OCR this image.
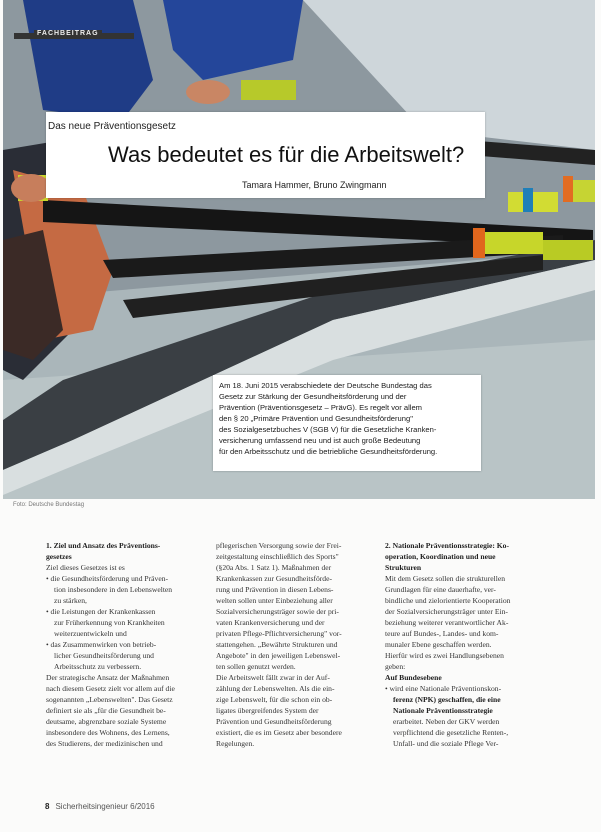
FACHBEITRAG
Das neue Präventionsgesetz
Was bedeutet es für die Arbeitswelt?
Tamara Hammer, Bruno Zwingmann
Am 18. Juni 2015 verabschiedete der Deutsche Bundestag das
Gesetz zur Stärkung der Gesundheitsförderung und der
Prävention (Präventionsgesetz – PrävG). Es regelt vor allem
den § 20 „Primäre Prävention und Gesundheitsförderung"
des Sozialgesetzbuches V (SGB V) für die Gesetzliche Kranken-
versicherung umfassend neu und ist auch große Bedeutung
für den Arbeitsschutz und die betriebliche Gesundheitsförderung.
Foto: Deutsche Bundestag
1. Ziel und Ansatz des Präventions-
gesetzes
Ziel dieses Gesetzes ist es
• die Gesundheitsförderung und Präven-
tion insbesondere in den Lebenswelten
zu stärken,
• die Leistungen der Krankenkassen
zur Früherkennung von Krankheiten
weiterzuentwickeln und
• das Zusammenwirken von betrieb-
licher Gesundheitsförderung und
Arbeitsschutz zu verbessern.
Der strategische Ansatz der Maßnahmen
nach diesem Gesetz zielt vor allem auf die
sogenannten „Lebenswelten". Das Gesetz
definiert sie als „für die Gesundheit be-
deutsame, abgrenzbare soziale Systeme
insbesondere des Wohnens, des Lernens,
des Studierens, der medizinischen und
pflegerischen Versorgung sowie der Frei-
zeitgestaltung einschließlich des Sports"
(§20a Abs. 1 Satz 1). Maßnahmen der
Krankenkassen zur Gesundheitsförde-
rung und Prävention in diesen Lebens-
welten sollen unter Einbeziehung aller
Sozialversicherungsträger sowie der pri-
vaten Krankenversicherung und der
privaten Pflege-Pflichtversicherung" vor-
stattengehen. „Bewährte Strukturen und
Angebote" in den jeweiligen Lebenswel-
ten sollen genutzt werden.
Die Arbeitswelt fällt zwar in der Auf-
zählung der Lebenswelten. Als die ein-
zige Lebenswelt, für die schon ein ob-
ligates übergreifendes System der
Prävention und Gesundheitsförderung
existiert, die es im Gesetz aber besondere
Regelungen.
2. Nationale Präventionsstrategie: Ko-
operation, Koordination und neue
Strukturen
Mit dem Gesetz sollen die strukturellen
Grundlagen für eine dauerhafte, ver-
bindliche und zielorientierte Kooperation
der Sozialversicherungsträger unter Ein-
beziehung weiterer verantwortlicher Ak-
teure auf Bundes-, Landes- und kom-
munaler Ebene geschaffen werden.
Hierfür wird es zwei Handlungsebenen
geben:
Auf Bundesebene
• wird eine Nationale Präventionskon-
ferenz (NPK) geschaffen, die eine
Nationale Präventionsstrategie
erarbeitet. Neben der GKV werden
verpflichtend die gesetzliche Renten-,
Unfall- und die soziale Pflege Ver-
8 Sicherheitsingenieur 6/2016
